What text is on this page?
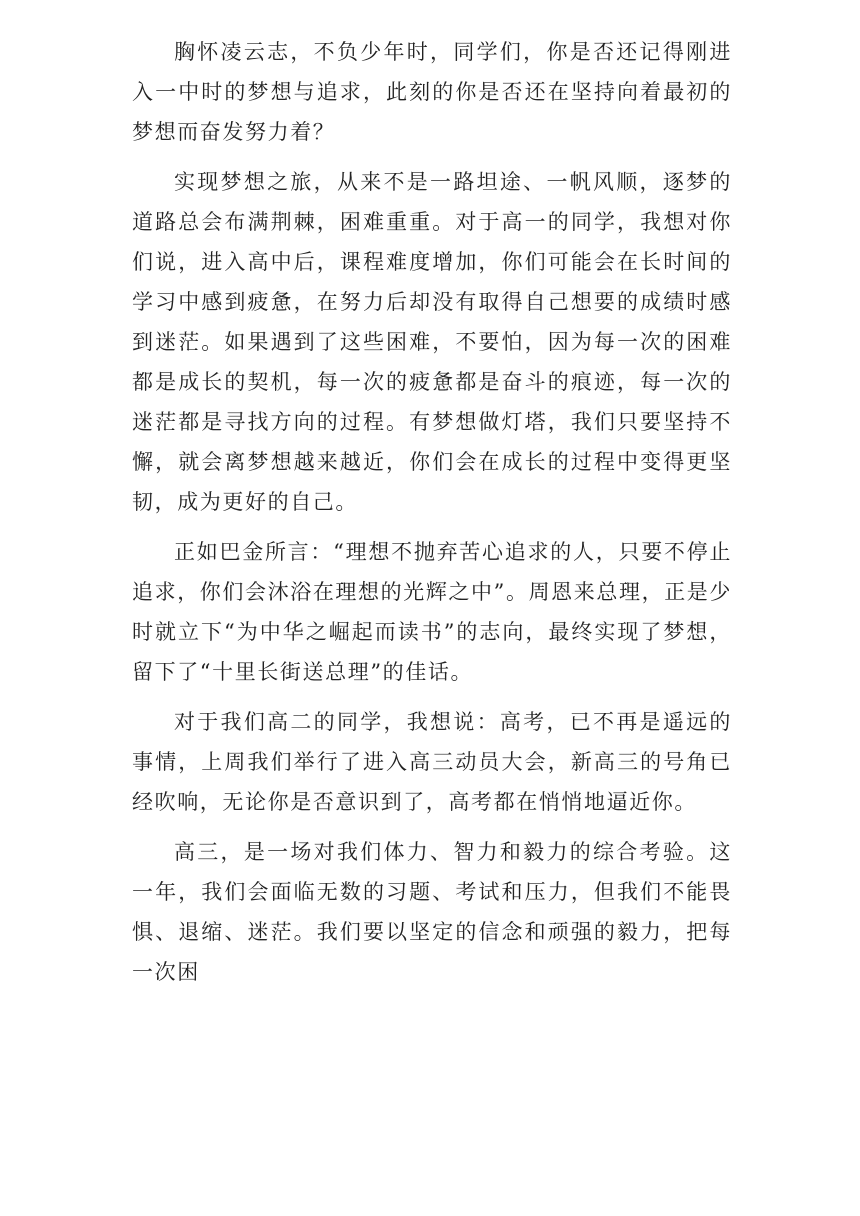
胸怀凌云志，不负少年时，同学们，你是否还记得刚进入一中时的梦想与追求，此刻的你是否还在坚持向着最初的梦想而奋发努力着？

实现梦想之旅，从来不是一路坦途、一帆风顺，逐梦的道路总会布满荆棘，困难重重。对于高一的同学，我想对你们说，进入高中后，课程难度增加，你们可能会在长时间的学习中感到疲惫，在努力后却没有取得自己想要的成绩时感到迷茫。如果遇到了这些困难，不要怕，因为每一次的困难都是成长的契机，每一次的疲惫都是奋斗的痕迹，每一次的迷茫都是寻找方向的过程。有梦想做灯塔，我们只要坚持不懈，就会离梦想越来越近，你们会在成长的过程中变得更坚韧，成为更好的自己。

正如巴金所言：“理想不抛弃苦心追求的人，只要不停止追求，你们会沐浴在理想的光辉之中”。周恩来总理，正是少时就立下“为中华之崛起而读书”的志向，最终实现了梦想，留下了“十里长街送总理”的佳话。

对于我们高二的同学，我想说：高考，已不再是遥远的事情，上周我们举行了进入高三动员大会，新高三的号角已经吹响，无论你是否意识到了，高考都在悄悄地逼近你。

高三，是一场对我们体力、智力和毅力的综合考验。这一年，我们会面临无数的习题、考试和压力，但我们不能畏惧、退缩、迷茫。我们要以坚定的信念和顽强的毅力，把每一次困
